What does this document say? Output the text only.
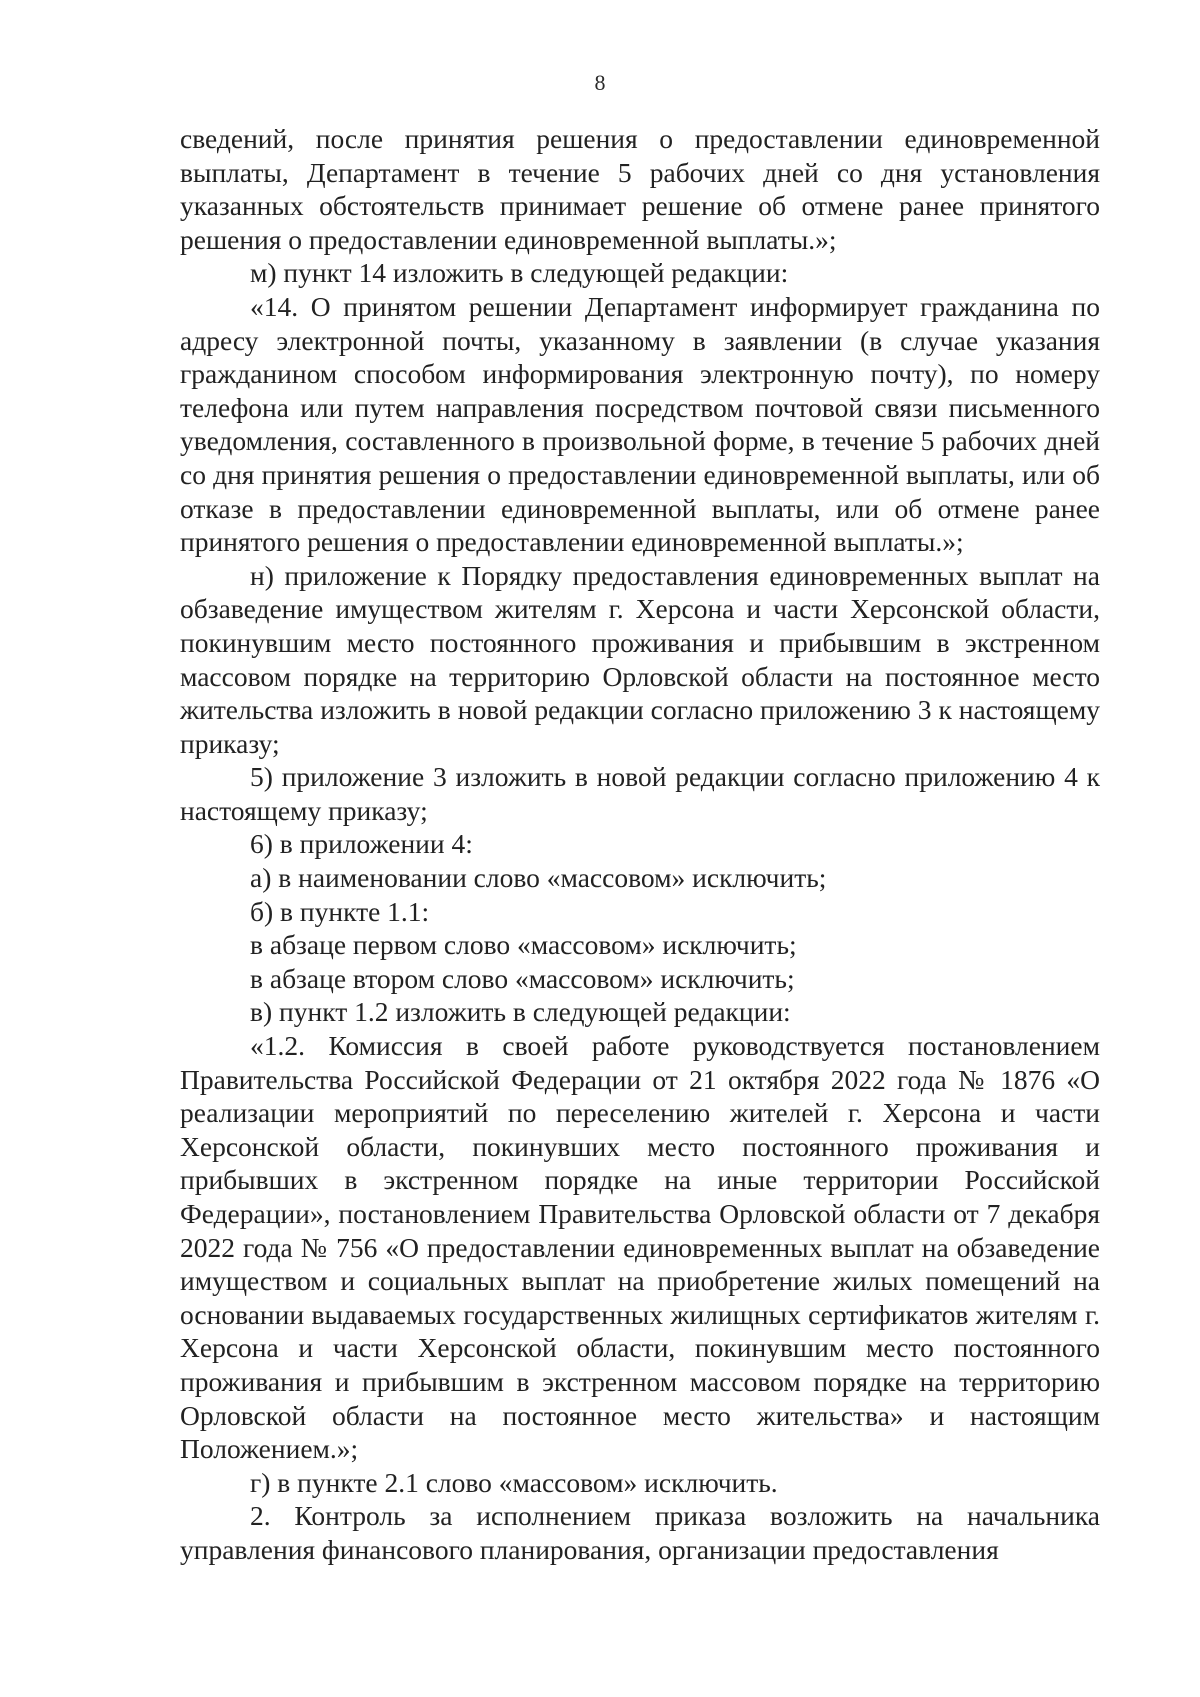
8

сведений, после принятия решения о предоставлении единовременной выплаты, Департамент в течение 5 рабочих дней со дня установления указанных обстоятельств принимает решение об отмене ранее принятого решения о предоставлении единовременной выплаты.»;

м) пункт 14 изложить в следующей редакции:

«14. О принятом решении Департамент информирует гражданина по адресу электронной почты, указанному в заявлении (в случае указания гражданином способом информирования электронную почту), по номеру телефона или путем направления посредством почтовой связи письменного уведомления, составленного в произвольной форме, в течение 5 рабочих дней со дня принятия решения о предоставлении единовременной выплаты, или об отказе в предоставлении единовременной выплаты, или об отмене ранее принятого решения о предоставлении единовременной выплаты.»;

н) приложение к Порядку предоставления единовременных выплат на обзаведение имуществом жителям г. Херсона и части Херсонской области, покинувшим место постоянного проживания и прибывшим в экстренном массовом порядке на территорию Орловской области на постоянное место жительства изложить в новой редакции согласно приложению 3 к настоящему приказу;

5) приложение 3 изложить в новой редакции согласно приложению 4 к настоящему приказу;

6) в приложении 4:

а) в наименовании слово «массовом» исключить;

б) в пункте 1.1:

в абзаце первом слово «массовом» исключить;

в абзаце втором слово «массовом» исключить;

в) пункт 1.2 изложить в следующей редакции:

«1.2. Комиссия в своей работе руководствуется постановлением Правительства Российской Федерации от 21 октября 2022 года № 1876 «О реализации мероприятий по переселению жителей г. Херсона и части Херсонской области, покинувших место постоянного проживания и прибывших в экстренном порядке на иные территории Российской Федерации», постановлением Правительства Орловской области от 7 декабря 2022 года № 756 «О предоставлении единовременных выплат на обзаведение имуществом и социальных выплат на приобретение жилых помещений на основании выдаваемых государственных жилищных сертификатов жителям г. Херсона и части Херсонской области, покинувшим место постоянного проживания и прибывшим в экстренном массовом порядке на территорию Орловской области на постоянное место жительства» и настоящим Положением.»;

г) в пункте 2.1 слово «массовом» исключить.

2. Контроль за исполнением приказа возложить на начальника управления финансового планирования, организации предоставления
